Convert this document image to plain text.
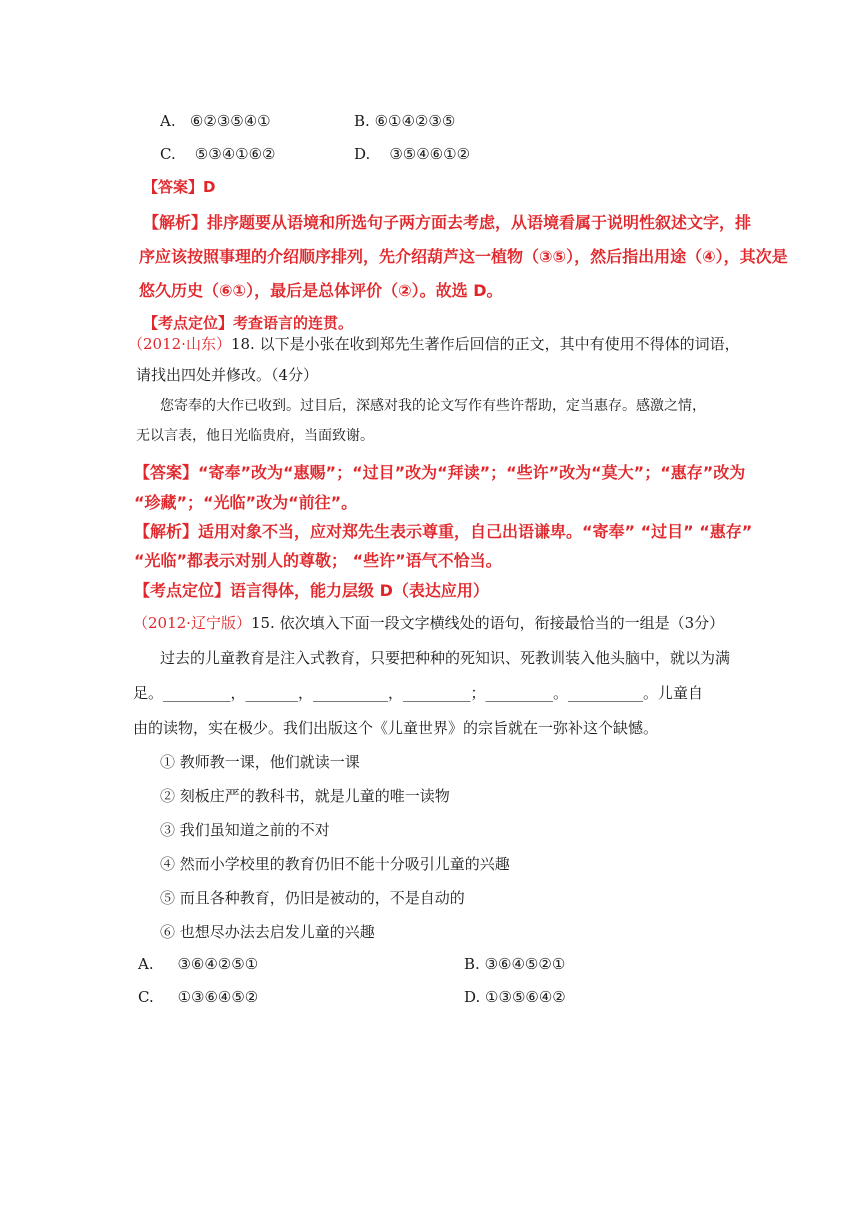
A. ⑥②③⑤④①	B. ⑥①④②③⑤
C. ⑤③④①⑥②	D. ③⑤④⑥①②
【答案】D
【解析】排序题要从语境和所选句子两方面去考虑，从语境看属于说明性叙述文字，排
序应该按照事理的介绍顺序排列，先介绍葫芦这一植物（③⑤），然后指出用途（④），其次是
悠久历史（⑥①），最后是总体评价（②）。故选 D。
【考点定位】考查语言的连贯。
（2012·山东）18. 以下是小张在收到郑先生著作后回信的正文，其中有使用不得体的词语，
请找出四处并修改。（4分）
您寄奉的大作已收到。过目后，深感对我的论文写作有些许帮助，定当惠存。感激之情，
无以言表，他日光临贵府，当面致谢。
【答案】“寄奉”改为“惠赐”；“过目”改为“拜读”；“些许”改为“莫大”；“惠存”改为
“珍藏”；“光临”改为“前往”。
【解析】适用对象不当，应对郑先生表示尊重，自己出语谦卑。“寄奉” “过目” “惠存”
“光临”都表示对别人的尊敬； “些许”语气不恰当。
【考点定位】语言得体，能力层级 D（表达应用）
（2012·辽宁版）15. 依次填入下面一段文字横线处的语句，衔接最恰当的一组是（3分）
过去的儿童教育是注入式教育，只要把种种的死知识、死教训装入他头脑中，就以为满
足。_________，_______，__________，_________；_________。__________。儿童自
由的读物，实在极少。我们出版这个《儿童世界》的宗旨就在一弥补这个缺憾。
① 教师教一课，他们就读一课
② 刻板庄严的教科书，就是儿童的唯一读物
③ 我们虽知道之前的不对
④ 然而小学校里的教育仍旧不能十分吸引儿童的兴趣
⑤ 而且各种教育，仍旧是被动的，不是自动的
⑥ 也想尽办法去启发儿童的兴趣
A. ③⑥④②⑤①	B. ③⑥④⑤②①
C. ①③⑥④⑤②	D. ①③⑤⑥④②
